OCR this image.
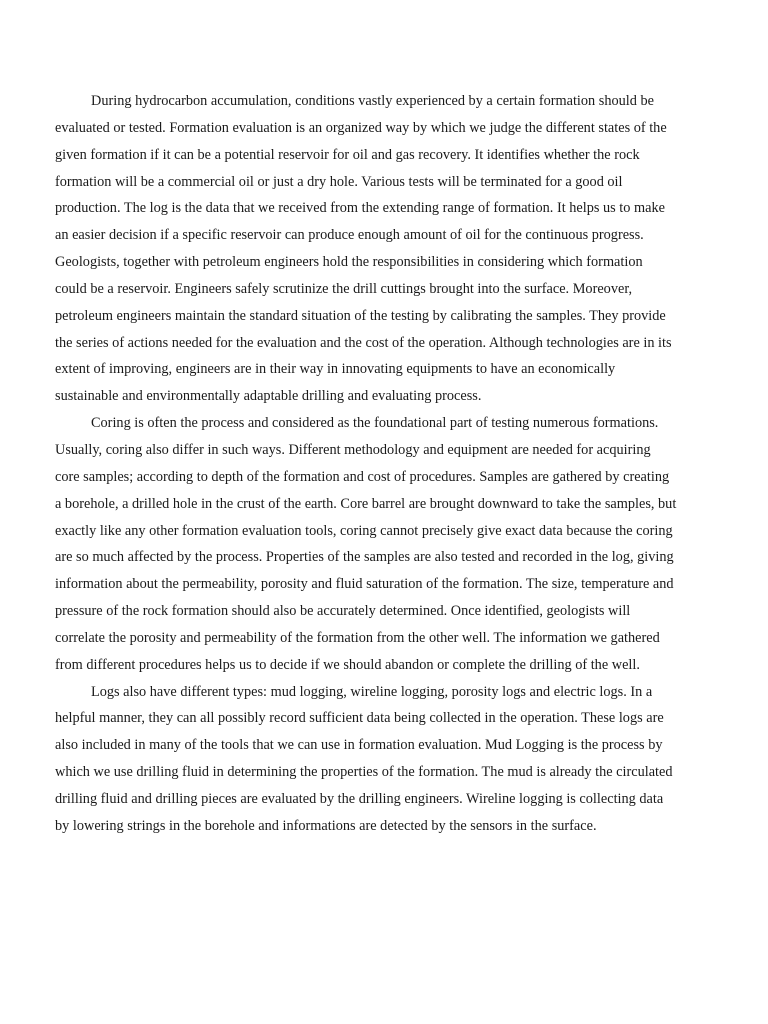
During hydrocarbon accumulation, conditions vastly experienced by a certain formation should be evaluated or tested. Formation evaluation is an organized way by which we judge the different states of the given formation if it can be a potential reservoir for oil and gas recovery. It identifies whether the rock formation will be a commercial oil or just a dry hole. Various tests will be terminated for a good oil production. The log is the data that we received from the extending range of formation. It helps us to make an easier decision if a specific reservoir can produce enough amount of oil for the continuous progress. Geologists, together with petroleum engineers hold the responsibilities in considering which formation could be a reservoir. Engineers safely scrutinize the drill cuttings brought into the surface. Moreover, petroleum engineers maintain the standard situation of the testing by calibrating the samples. They provide the series of actions needed for the evaluation and the cost of the operation. Although technologies are in its extent of improving, engineers are in their way in innovating equipments to have an economically sustainable and environmentally adaptable drilling and evaluating process.

Coring is often the process and considered as the foundational part of testing numerous formations. Usually, coring also differ in such ways. Different methodology and equipment are needed for acquiring core samples; according to depth of the formation and cost of procedures. Samples are gathered by creating a borehole, a drilled hole in the crust of the earth. Core barrel are brought downward to take the samples, but exactly like any other formation evaluation tools, coring cannot precisely give exact data because the coring are so much affected by the process. Properties of the samples are also tested and recorded in the log, giving information about the permeability, porosity and fluid saturation of the formation. The size, temperature and pressure of the rock formation should also be accurately determined. Once identified, geologists will correlate the porosity and permeability of the formation from the other well. The information we gathered from different procedures helps us to decide if we should abandon or complete the drilling of the well.

Logs also have different types: mud logging, wireline logging, porosity logs and electric logs. In a helpful manner, they can all possibly record sufficient data being collected in the operation. These logs are also included in many of the tools that we can use in formation evaluation. Mud Logging is the process by which we use drilling fluid in determining the properties of the formation. The mud is already the circulated drilling fluid and drilling pieces are evaluated by the drilling engineers. Wireline logging is collecting data by lowering strings in the borehole and informations are detected by the sensors in the surface.
